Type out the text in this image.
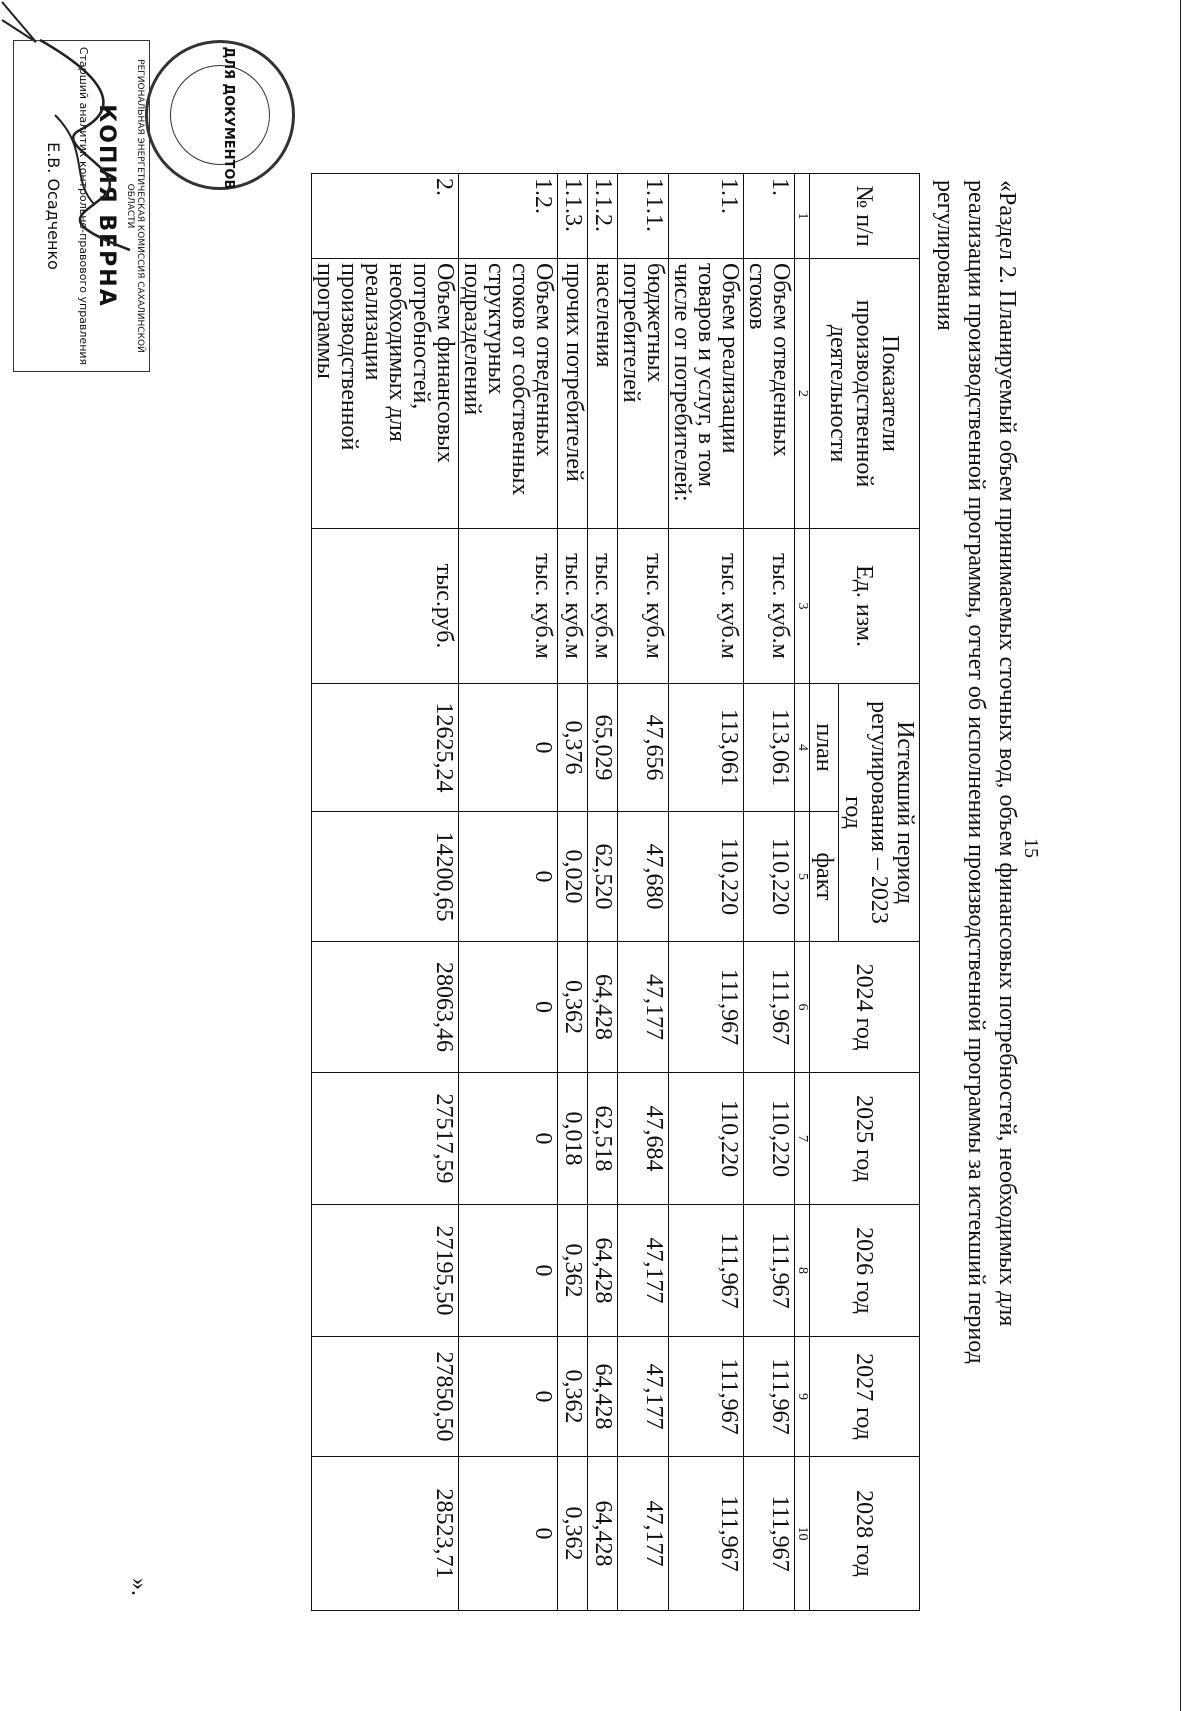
15

«Раздел 2. Планируемый объем принимаемых сточных вод, объем финансовых потребностей, необходимых для

реализации производственной программы, отчет об исполнении производственной программы за истекший период

регулирования

№ п/п	Показатели производственной деятельности	Ед. изм.	Истекший период регулирования – 2023 год		2024 год	2025 год	2026 год	2027 год	2028 год
			план	факт					
1	2	3	4	5	6	7	8	9	10
1.	Объем отведенных стоков	тыс. куб.м	113,061	110,220	111,967	110,220	111,967	111,967	111,967
1.1.	Объем реализации товаров и услуг, в том числе от потребителей:	тыс. куб.м	113,061	110,220	111,967	110,220	111,967	111,967	111,967
1.1.1.	бюджетных потребителей	тыс. куб.м	47,656	47,680	47,177	47,684	47,177	47,177	47,177
1.1.2.	населения	тыс. куб.м	65,029	62,520	64,428	62,518	64,428	64,428	64,428
1.1.3.	прочих потребителей	тыс. куб.м	0,376	0,020	0,362	0,018	0,362	0,362	0,362
1.2.	Объем отведенных стоков от собственных структурных подразделений	тыс. куб.м	0	0	0	0	0	0	0
2.	Объем финансовых потребностей, необходимых для реализации производственной программы	тыс.руб.	12625,24	14200,65	28063,46	27517,59	27195,50	27850,50	28523,71
».
ДЛЯ ДОКУМЕНТОВ
РЕГИОНАЛЬНАЯ ЭНЕРГЕТИЧЕСКАЯ КОМИССИЯ САХАЛИНСКОЙ ОБЛАСТИ
КОПИЯ ВЕРНА
Старший аналитик контрольно-правового управления
Е.В. Осадченко
